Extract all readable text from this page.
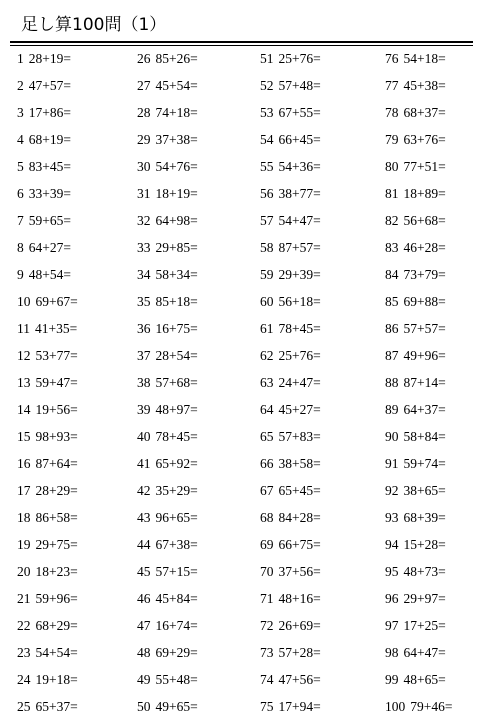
足し算100問（1）
1 28+19=
2 47+57=
3 17+86=
4 68+19=
5 83+45=
6 33+39=
7 59+65=
8 64+27=
9 48+54=
10 69+67=
11 41+35=
12 53+77=
13 59+47=
14 19+56=
15 98+93=
16 87+64=
17 28+29=
18 86+58=
19 29+75=
20 18+23=
21 59+96=
22 68+29=
23 54+54=
24 19+18=
25 65+37=
26 85+26=
27 45+54=
28 74+18=
29 37+38=
30 54+76=
31 18+19=
32 64+98=
33 29+85=
34 58+34=
35 85+18=
36 16+75=
37 28+54=
38 57+68=
39 48+97=
40 78+45=
41 65+92=
42 35+29=
43 96+65=
44 67+38=
45 57+15=
46 45+84=
47 16+74=
48 69+29=
49 55+48=
50 49+65=
51 25+76=
52 57+48=
53 67+55=
54 66+45=
55 54+36=
56 38+77=
57 54+47=
58 87+57=
59 29+39=
60 56+18=
61 78+45=
62 25+76=
63 24+47=
64 45+27=
65 57+83=
66 38+58=
67 65+45=
68 84+28=
69 66+75=
70 37+56=
71 48+16=
72 26+69=
73 57+28=
74 47+56=
75 17+94=
76 54+18=
77 45+38=
78 68+37=
79 63+76=
80 77+51=
81 18+89=
82 56+68=
83 46+28=
84 73+79=
85 69+88=
86 57+57=
87 49+96=
88 87+14=
89 64+37=
90 58+84=
91 59+74=
92 38+65=
93 68+39=
94 15+28=
95 48+73=
96 29+97=
97 17+25=
98 64+47=
99 48+65=
100 79+46=
